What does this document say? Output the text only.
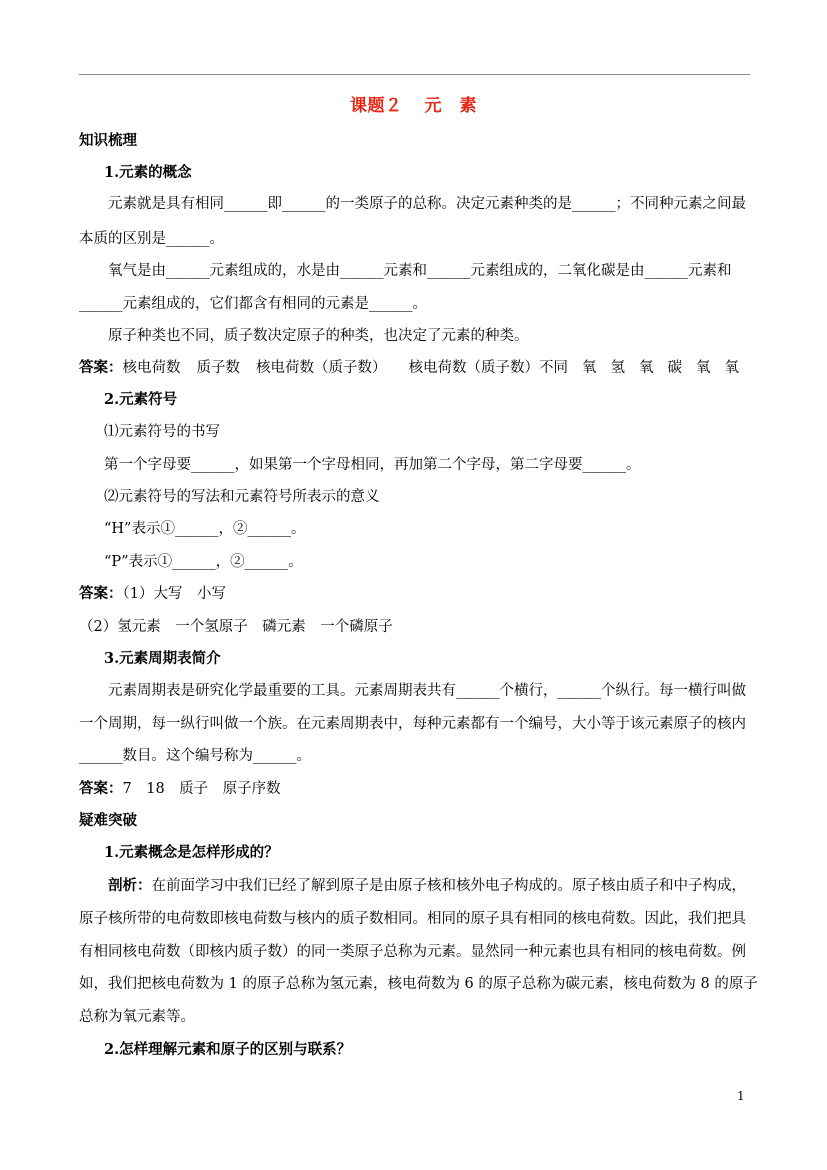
课题２ 元　素
知识梳理
1.元素的概念
元素就是具有相同______即______的一类原子的总称。决定元素种类的是______；不同种元素之间最
本质的区别是______。
氧气是由______元素组成的，水是由______元素和______元素组成的，二氧化碳是由______元素和
______元素组成的，它们都含有相同的元素是______。
原子种类也不同，质子数决定原子的种类，也决定了元素的种类。
答案：核电荷数 质子数 核电荷数（质子数） 核电荷数（质子数）不同 氧 氢 氧 碳 氧 氧
2.元素符号
⑴元素符号的书写
第一个字母要______，如果第一个字母相同，再加第二个字母，第二字母要______。
⑵元素符号的写法和元素符号所表示的意义
“H”表示①______，②______。
“P”表示①______，②______。
答案：（1）大写　小写
（2）氢元素　一个氢原子　磷元素　一个磷原子
3.元素周期表简介
元素周期表是研究化学最重要的工具。元素周期表共有______个横行，______个纵行。每一横行叫做
一个周期，每一纵行叫做一个族。在元素周期表中，每种元素都有一个编号，大小等于该元素原子的核内
______数目。这个编号称为______。
答案：7　18　质子　原子序数
疑难突破
1.元素概念是怎样形成的？
剖析：在前面学习中我们已经了解到原子是由原子核和核外电子构成的。原子核由质子和中子构成，
原子核所带的电荷数即核电荷数与核内的质子数相同。相同的原子具有相同的核电荷数。因此，我们把具
有相同核电荷数（即核内质子数）的同一类原子总称为元素。显然同一种元素也具有相同的核电荷数。例
如，我们把核电荷数为 1 的原子总称为氢元素，核电荷数为 6 的原子总称为碳元素，核电荷数为 8 的原子
总称为氧元素等。
2.怎样理解元素和原子的区别与联系？
1
